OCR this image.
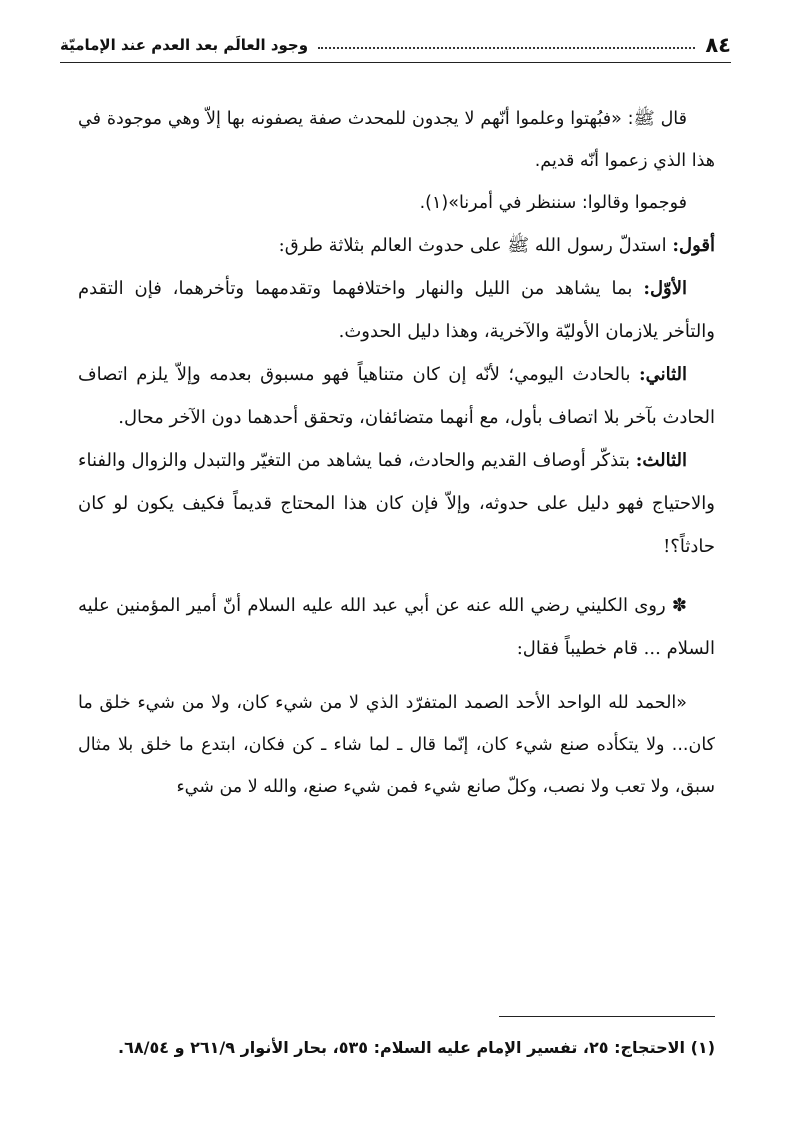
٨٤
وجود العالَم بعد العدم عند الإماميّة

قال ﷺ: «فبُهتوا وعلموا أنّهم لا يجدون للمحدث صفة يصفونه بها إلاّ وهي موجودة في هذا الذي زعموا أنّه قديم.

فوجموا وقالوا: سننظر في أمرنا»(١).

أقول: استدلّ رسول الله ﷺ على حدوث العالم بثلاثة طرق:

الأوّل: بما يشاهد من الليل والنهار واختلافهما وتقدمهما وتأخرهما، فإن التقدم والتأخر يلازمان الأوليّة والآخرية، وهذا دليل الحدوث.

الثاني: بالحادث اليومي؛ لأنّه إن كان متناهياً فهو مسبوق بعدمه وإلاّ يلزم اتصاف الحادث بآخر بلا اتصاف بأول، مع أنهما متضائفان، وتحقق أحدهما دون الآخر محال.

الثالث: بتذكّر أوصاف القديم والحادث، فما يشاهد من التغيّر والتبدل والزوال والفناء والاحتياج فهو دليل على حدوثه، وإلاّ فإن كان هذا المحتاج قديماً فكيف يكون لو كان حادثاً؟!

✽ روى الكليني رضي الله عنه عن أبي عبد الله عليه السلام أنّ أمير المؤمنين عليه السلام ... قام خطيباً فقال:

«الحمد لله الواحد الأحد الصمد المتفرّد الذي لا من شيء كان، ولا من شيء خلق ما كان... ولا يتكأده صنع شيء كان، إنّما قال ـ لما شاء ـ كن فكان، ابتدع ما خلق بلا مثال سبق، ولا تعب ولا نصب، وكلّ صانع شيء فمن شيء صنع، والله لا من شيء

(١) الاحتجاج: ٢٥، تفسير الإمام عليه السلام: ٥٣٥، بحار الأنوار ٢٦١/٩ و ٦٨/٥٤.
